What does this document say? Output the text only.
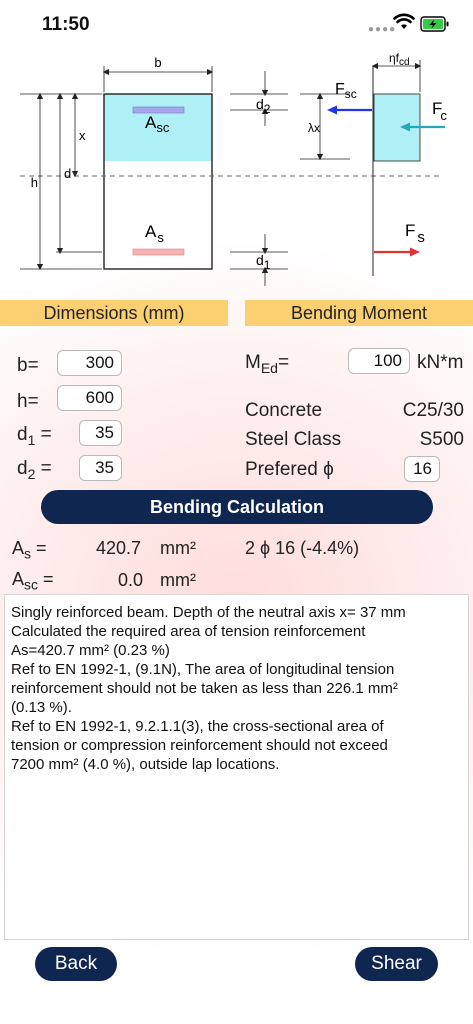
11:50	●●●●
b
h
d
x
$A_{sc}$
$A_s$
d2
d1
$\eta f_{cd}$
λx
$F_{sc}$
Fc
F s
Dimensions (mm)	Bending Moment
b=	300
h=	600
$d_1$ =	35
$d_2$ =	35
$M_{Ed}=$	100 kN*m
Concrete	C25/30
Steel Class	S500
Prefered ϕ	16
Bending Calculation
$A_s$ =	420.7 mm²	2 ϕ 16 (-4.4%)
$A_{sc}$ =	0.0 mm²
Singly reinforced beam. Depth of the neutral axis x= 37 mm
Calculated the required area of tension reinforcement
As=420.7 mm² (0.23 %)
Ref to EN 1992-1, (9.1N), The area of longitudinal tension
reinforcement should not be taken as less than 226.1 mm²
(0.13 %).
Ref to EN 1992-1, 9.2.1.1(3), the cross-sectional area of
tension or compression reinforcement should not exceed
7200 mm² (4.0 %), outside lap locations.
Back	Shear
